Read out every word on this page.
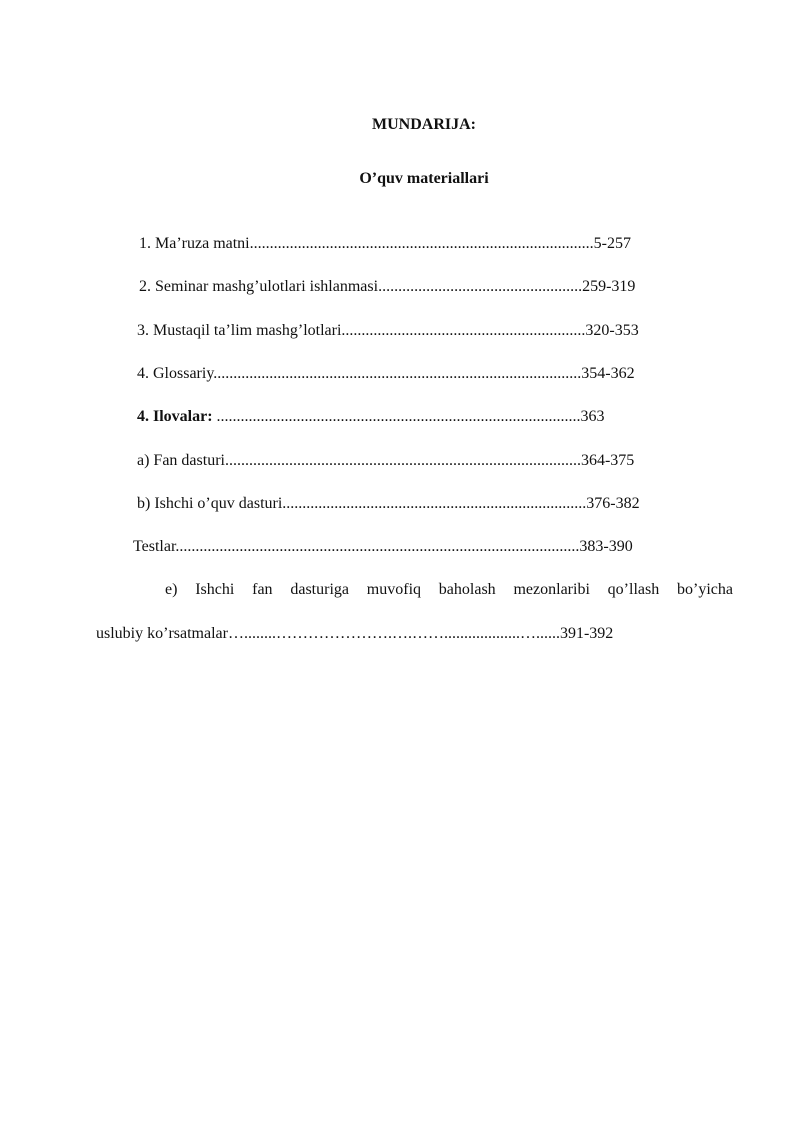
MUNDARIJA:
O’quv materiallari
1. Ma’ruza matni......................................................................................5-257
2. Seminar mashg’ulotlari ishlanmasi...................................................259-319
3. Mustaqil ta’lim mashg’lotlari.............................................................320-353
4. Glossariy............................................................................................354-362
4. Ilovalar: ...........................................................................................363
a) Fan dasturi.........................................................................................364-375
b) Ishchi o’quv dasturi............................................................................376-382
Testlar.....................................................................................................383-390
e) Ishchi fan dasturiga muvofiq baholash mezonlaribi qo’llash bo’yicha
uslubiy ko’rsatmalar…........………………….….……...................…......391-392
